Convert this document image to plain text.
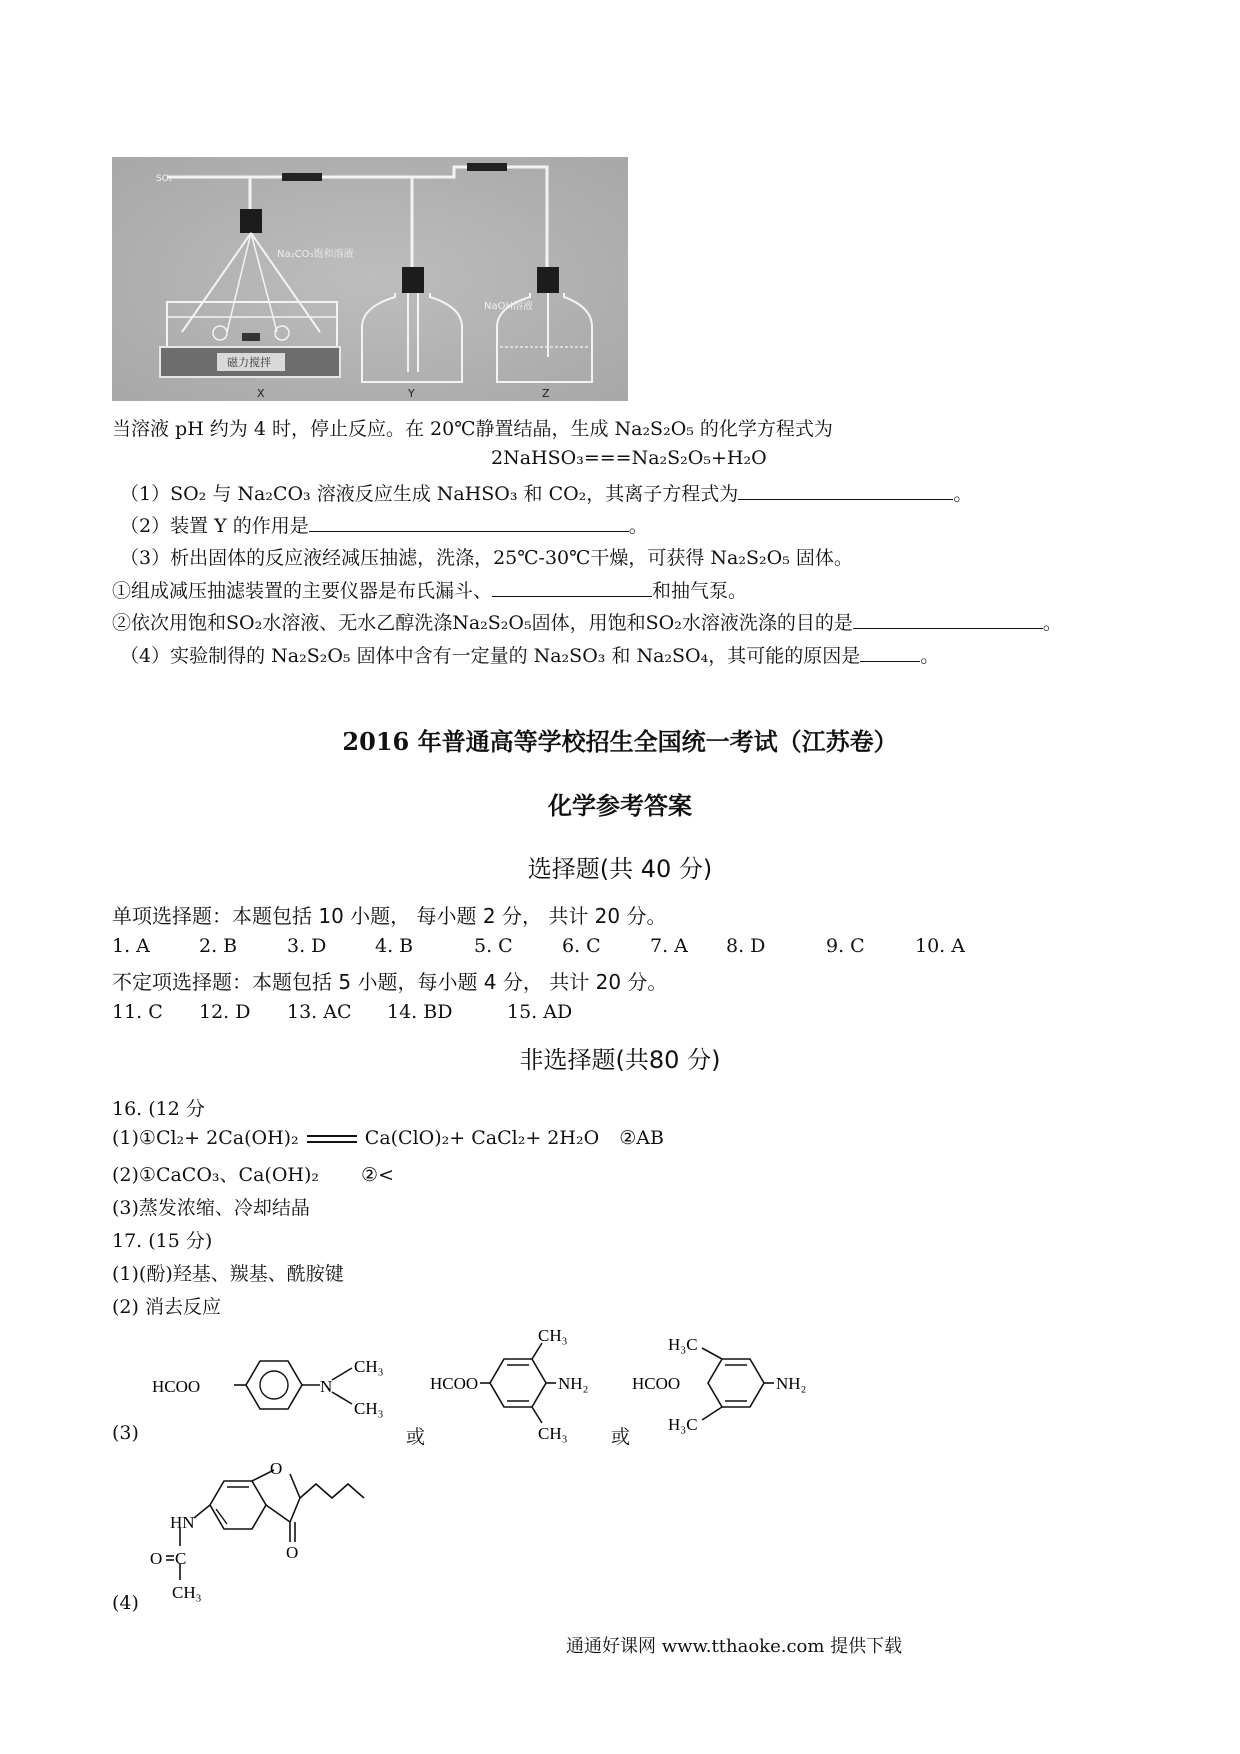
SO₂
Na₂CO₃饱和溶液
NaOH溶液
磁力搅拌
X	Y	Z
当溶液 pH 约为 4 时，停止反应。在 20℃静置结晶，生成 Na₂S₂O₅ 的化学方程式为
2NaHSO₃===Na₂S₂O₅+H₂O
（1）SO₂ 与 Na₂CO₃ 溶液反应生成 NaHSO₃ 和 CO₂，其离子方程式为	。
（2）装置 Y 的作用是	。
（3）析出固体的反应液经减压抽滤，洗涤，25℃-30℃干燥，可获得 Na₂S₂O₅ 固体。
①组成减压抽滤装置的主要仪器是布氏漏斗、	和抽气泵。
②依次用饱和SO₂水溶液、无水乙醇洗涤Na₂S₂O₅固体，用饱和SO₂水溶液洗涤的目的是	。
（4）实验制得的 Na₂S₂O₅ 固体中含有一定量的 Na₂SO₃ 和 Na₂SO₄，其可能的原因是	。
2016 年普通高等学校招生全国统一考试（江苏卷）
化学参考答案
选择题(共 40 分)
单项选择题：本题包括 10 小题， 每小题 2 分， 共计 20 分。
1. A	2. B	3. D	4. B	5. C	6. C	7. A 8. D	9. C	10. A
不定项选择题：本题包括 5 小题，每小题 4 分， 共计 20 分。
11. C 12. D 13. AC 14. BD	15. AD
非选择题(共80 分)
16. (12 分
(1)①Cl₂+ 2Ca(OH)₂	Ca(ClO)₂+ CaCl₂+ 2H₂O ②AB
(2)①CaCO₃、Ca(OH)₂ ②<
(3)蒸发浓缩、冷却结晶
17. (15 分)
(1)(酚)羟基、羰基、酰胺键
(2) 消去反应
(3)	或	或
HCOO	N
CH₃
CH₃
HCOO	NH₂
CH₃
CH₃
HCOO	NH₂
H₃C
H₃C
(4)
O
O
HN
O C
CH₃
通通好课网 www.tthaoke.com 提供下载
